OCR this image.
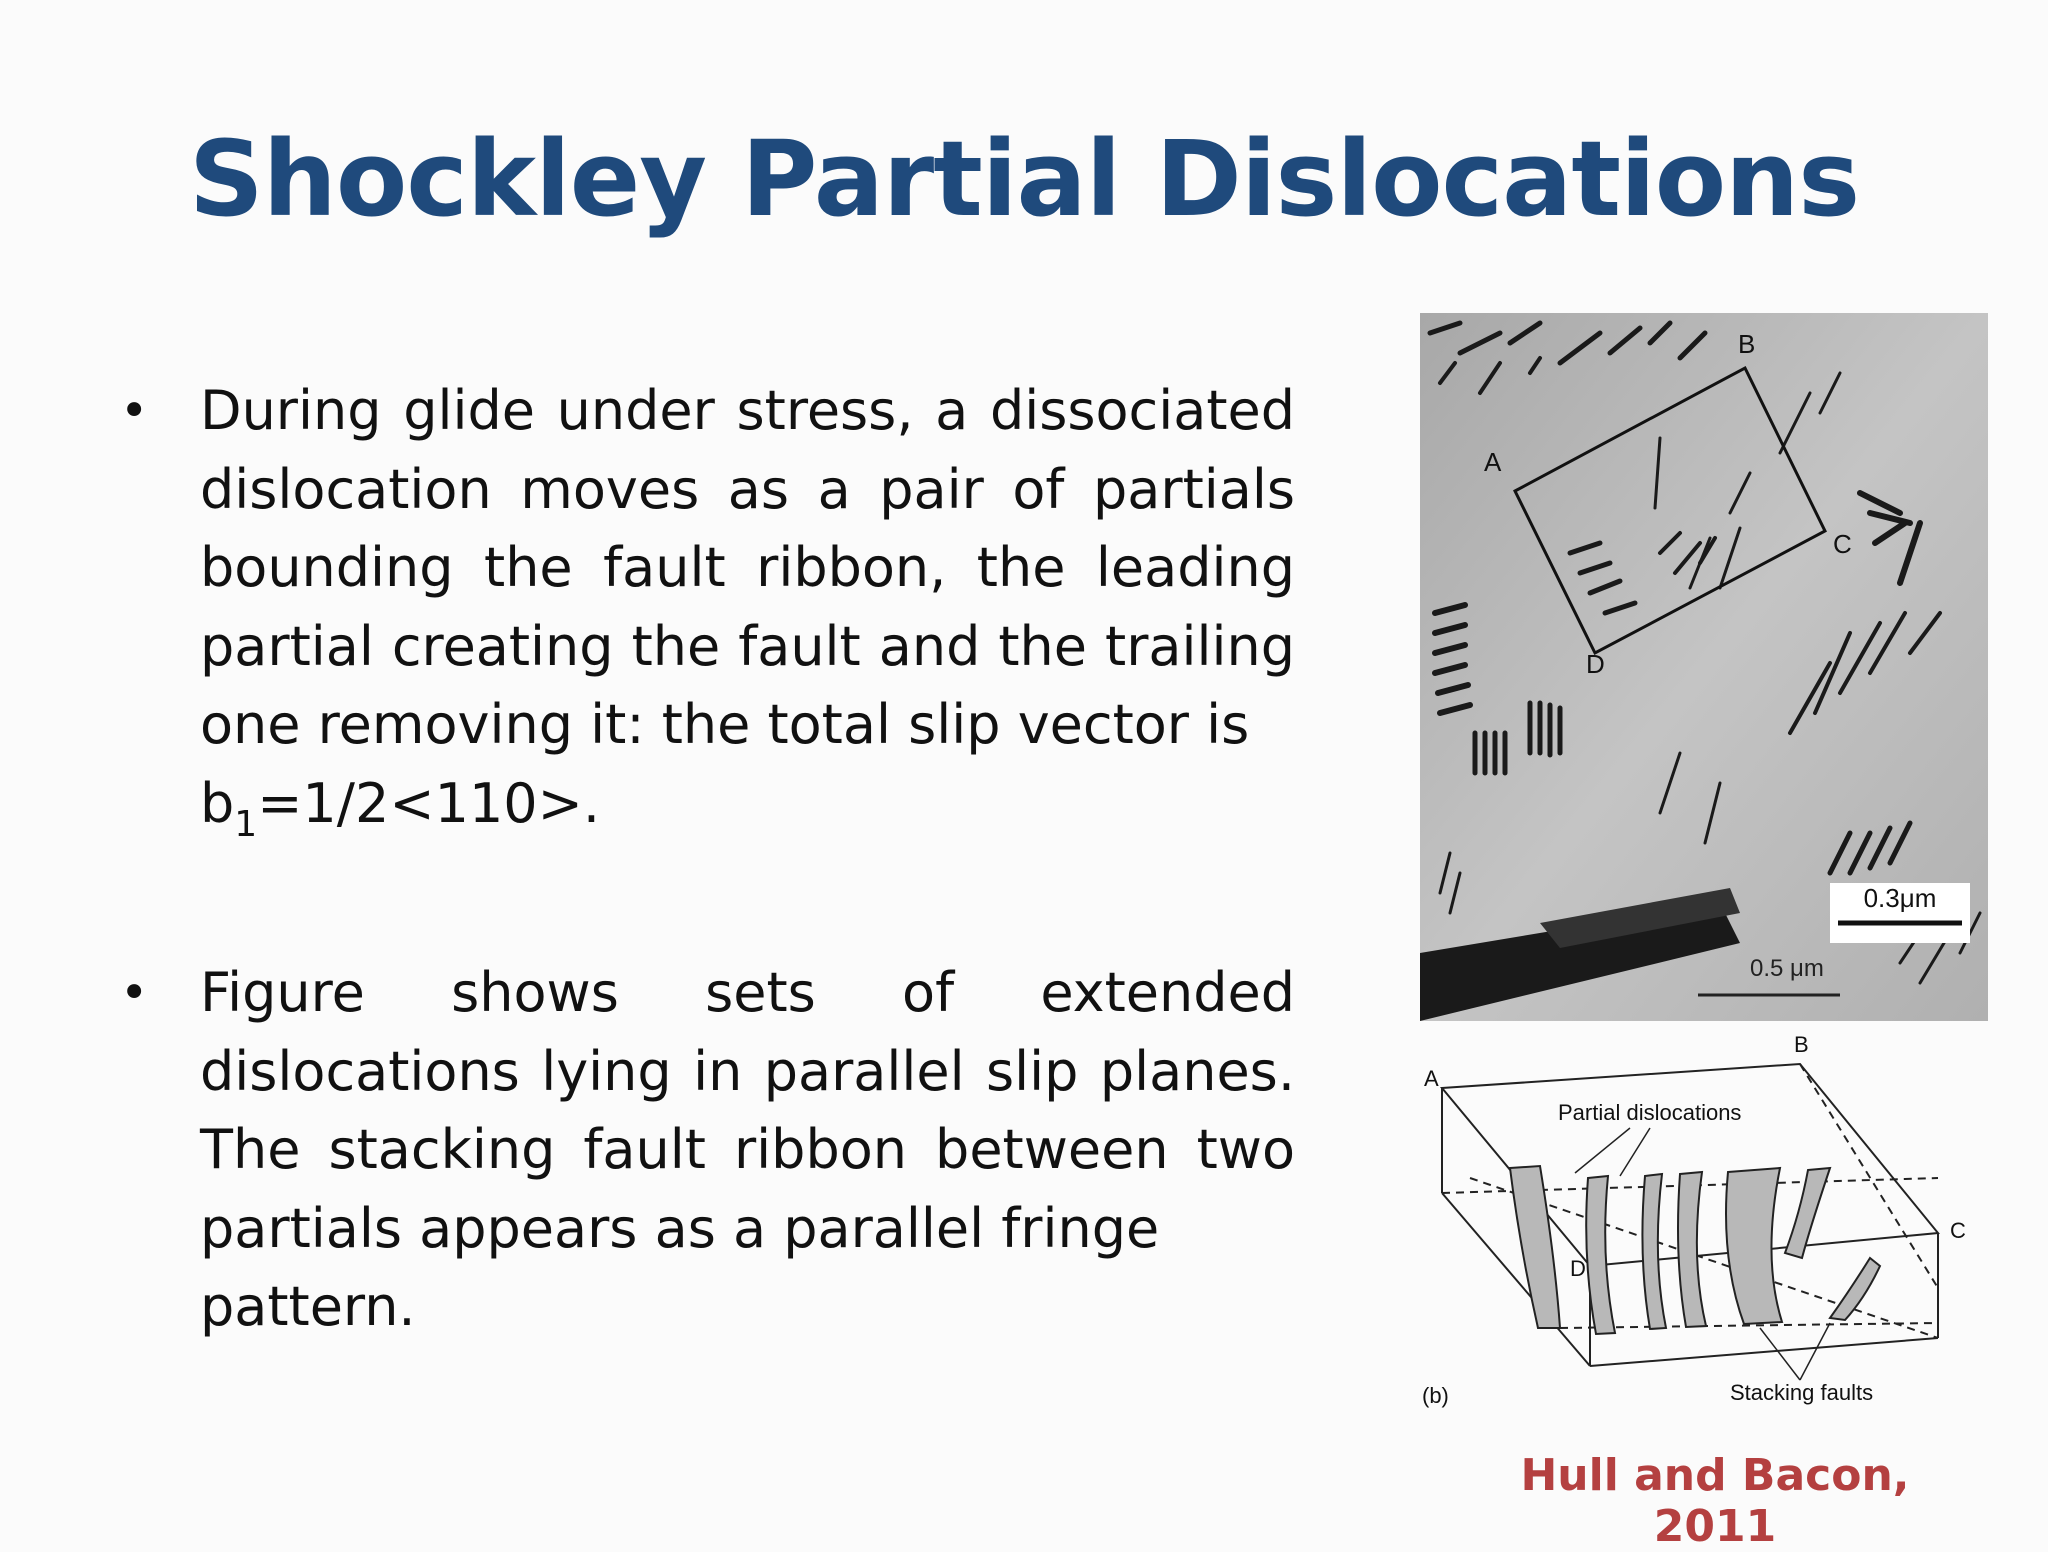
Shockley Partial Dislocations
• During glide under stress, a dissociated dislocation moves as a pair of partials bounding the fault ribbon, the leading partial creating the fault and the trailing one removing it: the total slip vector is
$b_1=1/2<110>$.
• Figure shows sets of extended dislocations lying in parallel slip planes. The stacking fault ribbon between two partials appears as a parallel fringe
pattern.
A
B
C
D
0.3μm
0.5 μm
A
B
C
D
(b)
Partial dislocations
Stacking faults
Hull and Bacon, 2011
